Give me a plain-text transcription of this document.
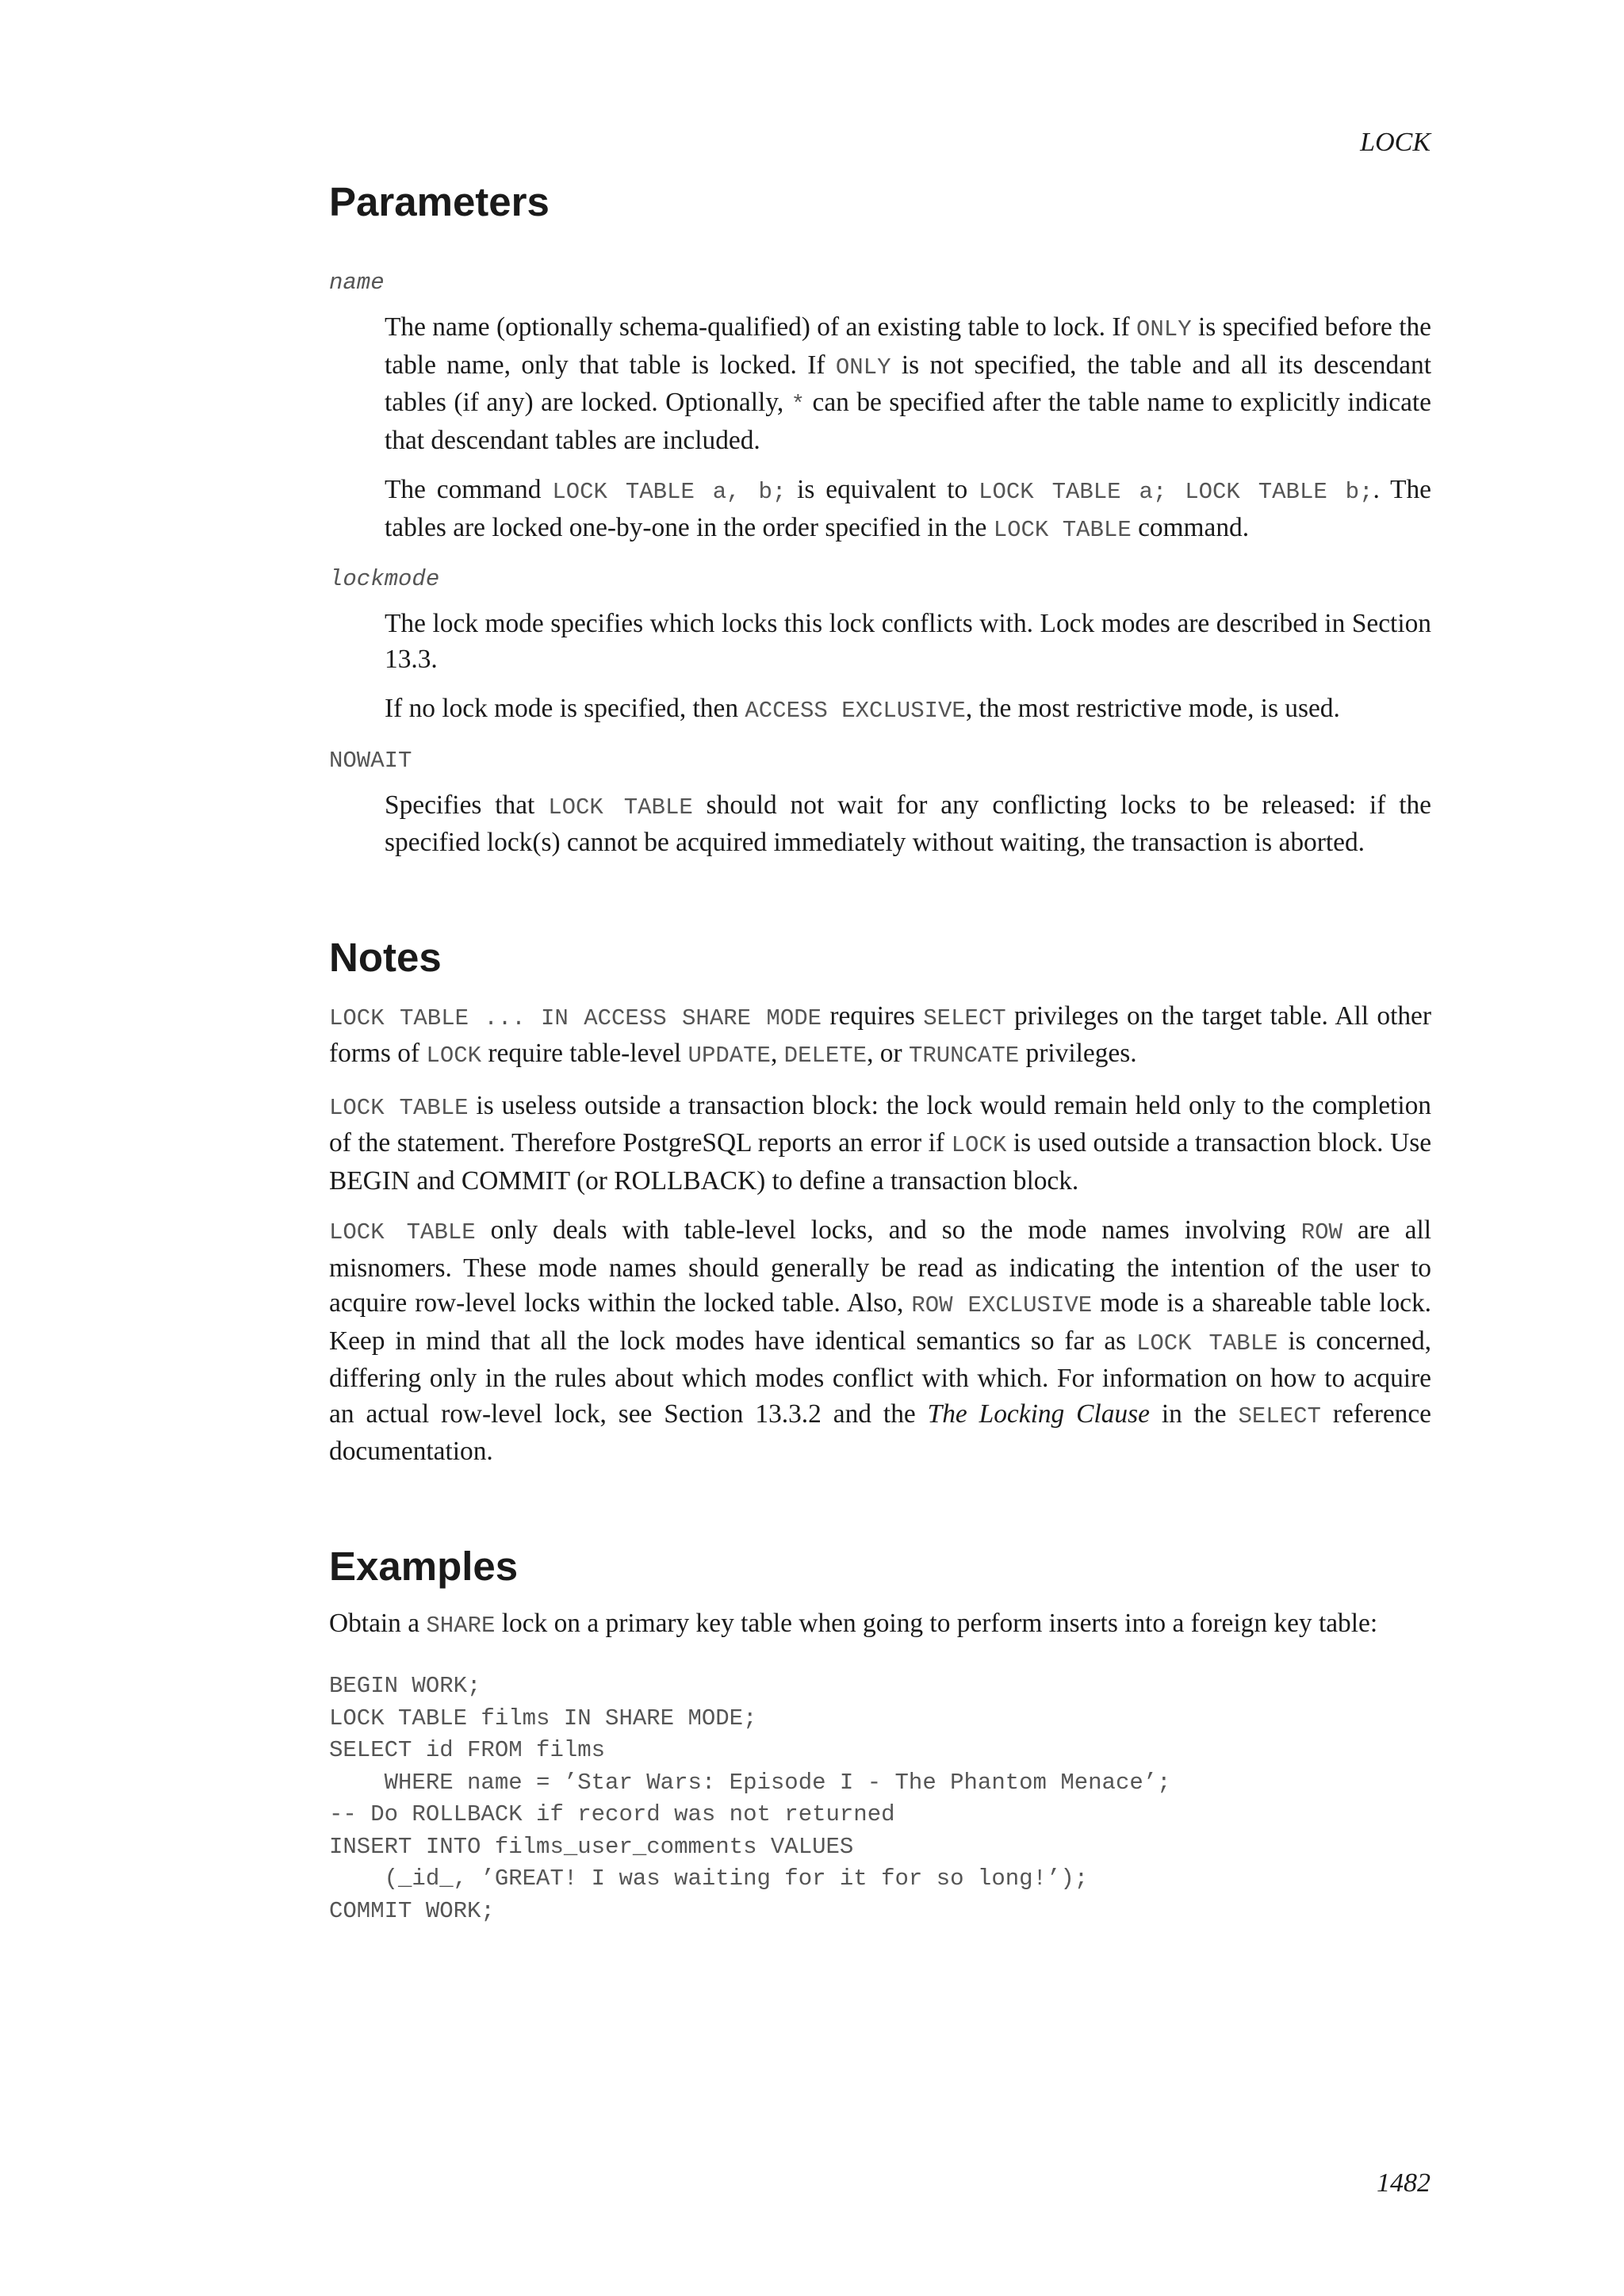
LOCK
Parameters
name

The name (optionally schema-qualified) of an existing table to lock. If ONLY is specified before the table name, only that table is locked. If ONLY is not specified, the table and all its descendant tables (if any) are locked. Optionally, * can be specified after the table name to explicitly indicate that descendant tables are included.

The command LOCK TABLE a, b; is equivalent to LOCK TABLE a; LOCK TABLE b;. The tables are locked one-by-one in the order specified in the LOCK TABLE command.

lockmode

The lock mode specifies which locks this lock conflicts with. Lock modes are described in Section 13.3.

If no lock mode is specified, then ACCESS EXCLUSIVE, the most restrictive mode, is used.

NOWAIT

Specifies that LOCK TABLE should not wait for any conflicting locks to be released: if the specified lock(s) cannot be acquired immediately without waiting, the transaction is aborted.

Notes

LOCK TABLE ... IN ACCESS SHARE MODE requires SELECT privileges on the target table. All other forms of LOCK require table-level UPDATE, DELETE, or TRUNCATE privileges.

LOCK TABLE is useless outside a transaction block: the lock would remain held only to the completion of the statement. Therefore PostgreSQL reports an error if LOCK is used outside a transaction block. Use BEGIN and COMMIT (or ROLLBACK) to define a transaction block.

LOCK TABLE only deals with table-level locks, and so the mode names involving ROW are all misnomers. These mode names should generally be read as indicating the intention of the user to acquire row-level locks within the locked table. Also, ROW EXCLUSIVE mode is a shareable table lock. Keep in mind that all the lock modes have identical semantics so far as LOCK TABLE is concerned, differing only in the rules about which modes conflict with which. For information on how to acquire an actual row-level lock, see Section 13.3.2 and the The Locking Clause in the SELECT reference documentation.

Examples

Obtain a SHARE lock on a primary key table when going to perform inserts into a foreign key table:

BEGIN WORK;
LOCK TABLE films IN SHARE MODE;
SELECT id FROM films
WHERE name = ’Star Wars: Episode I - The Phantom Menace’;
-- Do ROLLBACK if record was not returned
INSERT INTO films_user_comments VALUES
(_id_, ’GREAT! I was waiting for it for so long!’);
COMMIT WORK;
1482
